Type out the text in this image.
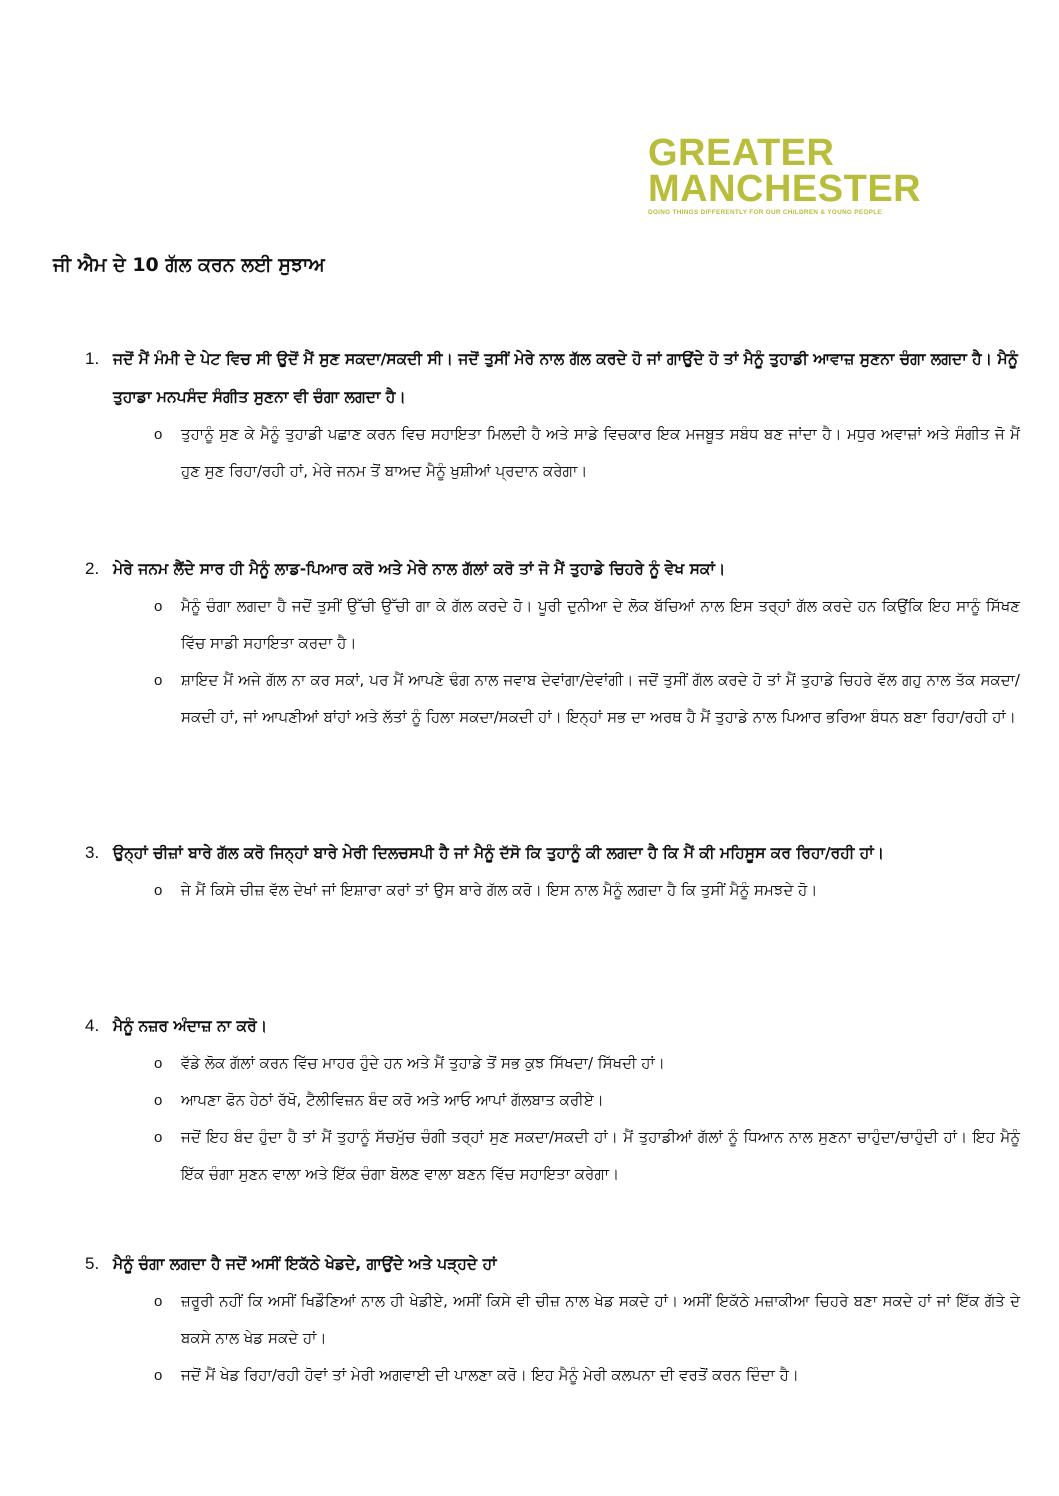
GREATER
MANCHESTER
DOING THINGS DIFFERENTLY FOR OUR CHILDREN & YOUNG PEOPLE
ਜੀ ਐਮ ਦੇ 10 ਗੱਲ ਕਰਨ ਲਈ ਸੁਝਾਅ
1. ਜਦੋਂ ਮੈਂ ਮੰਮੀ ਦੇ ਪੇਟ ਵਿਚ ਸੀ ਉਦੋਂ ਮੈਂ ਸੁਣ ਸਕਦਾ/ਸਕਦੀ ਸੀ। ਜਦੋਂ ਤੁਸੀਂ ਮੇਰੇ ਨਾਲ ਗੱਲ ਕਰਦੇ ਹੋ ਜਾਂ ਗਾਉਂਦੇ ਹੋ ਤਾਂ ਮੈਨੂੰ ਤੁਹਾਡੀ ਆਵਾਜ਼ ਸੁਣਨਾ ਚੰਗਾ ਲਗਦਾ ਹੈ। ਮੈਨੂੰ ਤੁਹਾਡਾ ਮਨਪਸੰਦ ਸੰਗੀਤ ਸੁਣਨਾ ਵੀ ਚੰਗਾ ਲਗਦਾ ਹੈ।
o ਤੁਹਾਨੂੰ ਸੁਣ ਕੇ ਮੈਨੂੰ ਤੁਹਾਡੀ ਪਛਾਣ ਕਰਨ ਵਿਚ ਸਹਾਇਤਾ ਮਿਲਦੀ ਹੈ ਅਤੇ ਸਾਡੇ ਵਿਚਕਾਰ ਇਕ ਮਜਬੂਤ ਸਬੰਧ ਬਣ ਜਾਂਦਾ ਹੈ। ਮਧੁਰ ਅਵਾਜ਼ਾਂ ਅਤੇ ਸੰਗੀਤ ਜੋ ਮੈਂ ਹੁਣ ਸੁਣ ਰਿਹਾ/ਰਹੀ ਹਾਂ, ਮੇਰੇ ਜਨਮ ਤੋਂ ਬਾਅਦ ਮੈਨੂੰ ਖੁਸ਼ੀਆਂ ਪ੍ਰਦਾਨ ਕਰੇਗਾ।
2. ਮੇਰੇ ਜਨਮ ਲੈਂਦੇ ਸਾਰ ਹੀ ਮੈਨੂੰ ਲਾਡ-ਪਿਆਰ ਕਰੋ ਅਤੇ ਮੇਰੇ ਨਾਲ ਗੱਲਾਂ ਕਰੋ ਤਾਂ ਜੋ ਮੈਂ ਤੁਹਾਡੇ ਚਿਹਰੇ ਨੂੰ ਵੇਖ ਸਕਾਂ।
o ਮੈਨੂੰ ਚੰਗਾ ਲਗਦਾ ਹੈ ਜਦੋਂ ਤੁਸੀਂ ਉੱਚੀ ਉੱਚੀ ਗਾ ਕੇ ਗੱਲ ਕਰਦੇ ਹੋ। ਪੂਰੀ ਦੁਨੀਆ ਦੇ ਲੋਕ ਬੱਚਿਆਂ ਨਾਲ ਇਸ ਤਰ੍ਹਾਂ ਗੱਲ ਕਰਦੇ ਹਨ ਕਿਉਂਕਿ ਇਹ ਸਾਨੂੰ ਸਿੱਖਣ ਵਿੱਚ ਸਾਡੀ ਸਹਾਇਤਾ ਕਰਦਾ ਹੈ।
o ਸ਼ਾਇਦ ਮੈਂ ਅਜੇ ਗੱਲ ਨਾ ਕਰ ਸਕਾਂ, ਪਰ ਮੈਂ ਆਪਣੇ ਢੰਗ ਨਾਲ ਜਵਾਬ ਦੇਵਾਂਗਾ/ਦੇਵਾਂਗੀ। ਜਦੋਂ ਤੁਸੀਂ ਗੱਲ ਕਰਦੇ ਹੋ ਤਾਂ ਮੈਂ ਤੁਹਾਡੇ ਚਿਹਰੇ ਵੱਲ ਗਹੁ ਨਾਲ ਤੱਕ ਸਕਦਾ/ਸਕਦੀ ਹਾਂ, ਜਾਂ ਆਪਣੀਆਂ ਬਾਂਹਾਂ ਅਤੇ ਲੱਤਾਂ ਨੂੰ ਹਿਲਾ ਸਕਦਾ/ਸਕਦੀ ਹਾਂ। ਇਨ੍ਹਾਂ ਸਭ ਦਾ ਅਰਥ ਹੈ ਮੈਂ ਤੁਹਾਡੇ ਨਾਲ ਪਿਆਰ ਭਰਿਆ ਬੰਧਨ ਬਣਾ ਰਿਹਾ/ਰਹੀ ਹਾਂ।
3. ਉਨ੍ਹਾਂ ਚੀਜ਼ਾਂ ਬਾਰੇ ਗੱਲ ਕਰੋ ਜਿਨ੍ਹਾਂ ਬਾਰੇ ਮੇਰੀ ਦਿਲਚਸਪੀ ਹੈ ਜਾਂ ਮੈਨੂੰ ਦੱਸੋ ਕਿ ਤੁਹਾਨੂੰ ਕੀ ਲਗਦਾ ਹੈ ਕਿ ਮੈਂ ਕੀ ਮਹਿਸੂਸ ਕਰ ਰਿਹਾ/ਰਹੀ ਹਾਂ।
o ਜੇ ਮੈਂ ਕਿਸੇ ਚੀਜ਼ ਵੱਲ ਦੇਖਾਂ ਜਾਂ ਇਸ਼ਾਰਾ ਕਰਾਂ ਤਾਂ ਉਸ ਬਾਰੇ ਗੱਲ ਕਰੋ। ਇਸ ਨਾਲ ਮੈਨੂੰ ਲਗਦਾ ਹੈ ਕਿ ਤੁਸੀਂ ਮੈਨੂੰ ਸਮਝਦੇ ਹੋ।
4. ਮੈਨੂੰ ਨਜ਼ਰ ਅੰਦਾਜ਼ ਨਾ ਕਰੋ।
o ਵੱਡੇ ਲੋਕ ਗੱਲਾਂ ਕਰਨ ਵਿੱਚ ਮਾਹਰ ਹੁੰਦੇ ਹਨ ਅਤੇ ਮੈਂ ਤੁਹਾਡੇ ਤੋਂ ਸਭ ਕੁਝ ਸਿੱਖਦਾ/ ਸਿੱਖਦੀ ਹਾਂ।
o ਆਪਣਾ ਫੋਨ ਹੇਠਾਂ ਰੱਖੋ, ਟੈਲੀਵਿਜ਼ਨ ਬੰਦ ਕਰੋ ਅਤੇ ਆਓ ਆਪਾਂ ਗੱਲਬਾਤ ਕਰੀਏ।
o ਜਦੋਂ ਇਹ ਬੰਦ ਹੁੰਦਾ ਹੈ ਤਾਂ ਮੈਂ ਤੁਹਾਨੂੰ ਸੱਚਮੁੱਚ ਚੰਗੀ ਤਰ੍ਹਾਂ ਸੁਣ ਸਕਦਾ/ਸਕਦੀ ਹਾਂ। ਮੈਂ ਤੁਹਾਡੀਆਂ ਗੱਲਾਂ ਨੂੰ ਧਿਆਨ ਨਾਲ ਸੁਣਨਾ ਚਾਹੁੰਦਾ/ਚਾਹੁੰਦੀ ਹਾਂ। ਇਹ ਮੈਨੂੰ ਇੱਕ ਚੰਗਾ ਸੁਣਨ ਵਾਲਾ ਅਤੇ ਇੱਕ ਚੰਗਾ ਬੋਲਣ ਵਾਲਾ ਬਣਨ ਵਿੱਚ ਸਹਾਇਤਾ ਕਰੇਗਾ।
5. ਮੈਨੂੰ ਚੰਗਾ ਲਗਦਾ ਹੈ ਜਦੋਂ ਅਸੀਂ ਇਕੱਠੇ ਖੇਡਦੇ, ਗਾਉਂਦੇ ਅਤੇ ਪੜ੍ਹਦੇ ਹਾਂ
o ਜ਼ਰੂਰੀ ਨਹੀਂ ਕਿ ਅਸੀਂ ਖਿਡੌਣਿਆਂ ਨਾਲ ਹੀ ਖੇਡੀਏ, ਅਸੀਂ ਕਿਸੇ ਵੀ ਚੀਜ਼ ਨਾਲ ਖੇਡ ਸਕਦੇ ਹਾਂ। ਅਸੀਂ ਇਕੱਠੇ ਮਜ਼ਾਕੀਆ ਚਿਹਰੇ ਬਣਾ ਸਕਦੇ ਹਾਂ ਜਾਂ ਇੱਕ ਗੱਤੇ ਦੇ ਬਕਸੇ ਨਾਲ ਖੇਡ ਸਕਦੇ ਹਾਂ।
o ਜਦੋਂ ਮੈਂ ਖੇਡ ਰਿਹਾ/ਰਹੀ ਹੋਵਾਂ ਤਾਂ ਮੇਰੀ ਅਗਵਾਈ ਦੀ ਪਾਲਣਾ ਕਰੋ। ਇਹ ਮੈਨੂੰ ਮੇਰੀ ਕਲਪਨਾ ਦੀ ਵਰਤੋਂ ਕਰਨ ਦਿੰਦਾ ਹੈ।
